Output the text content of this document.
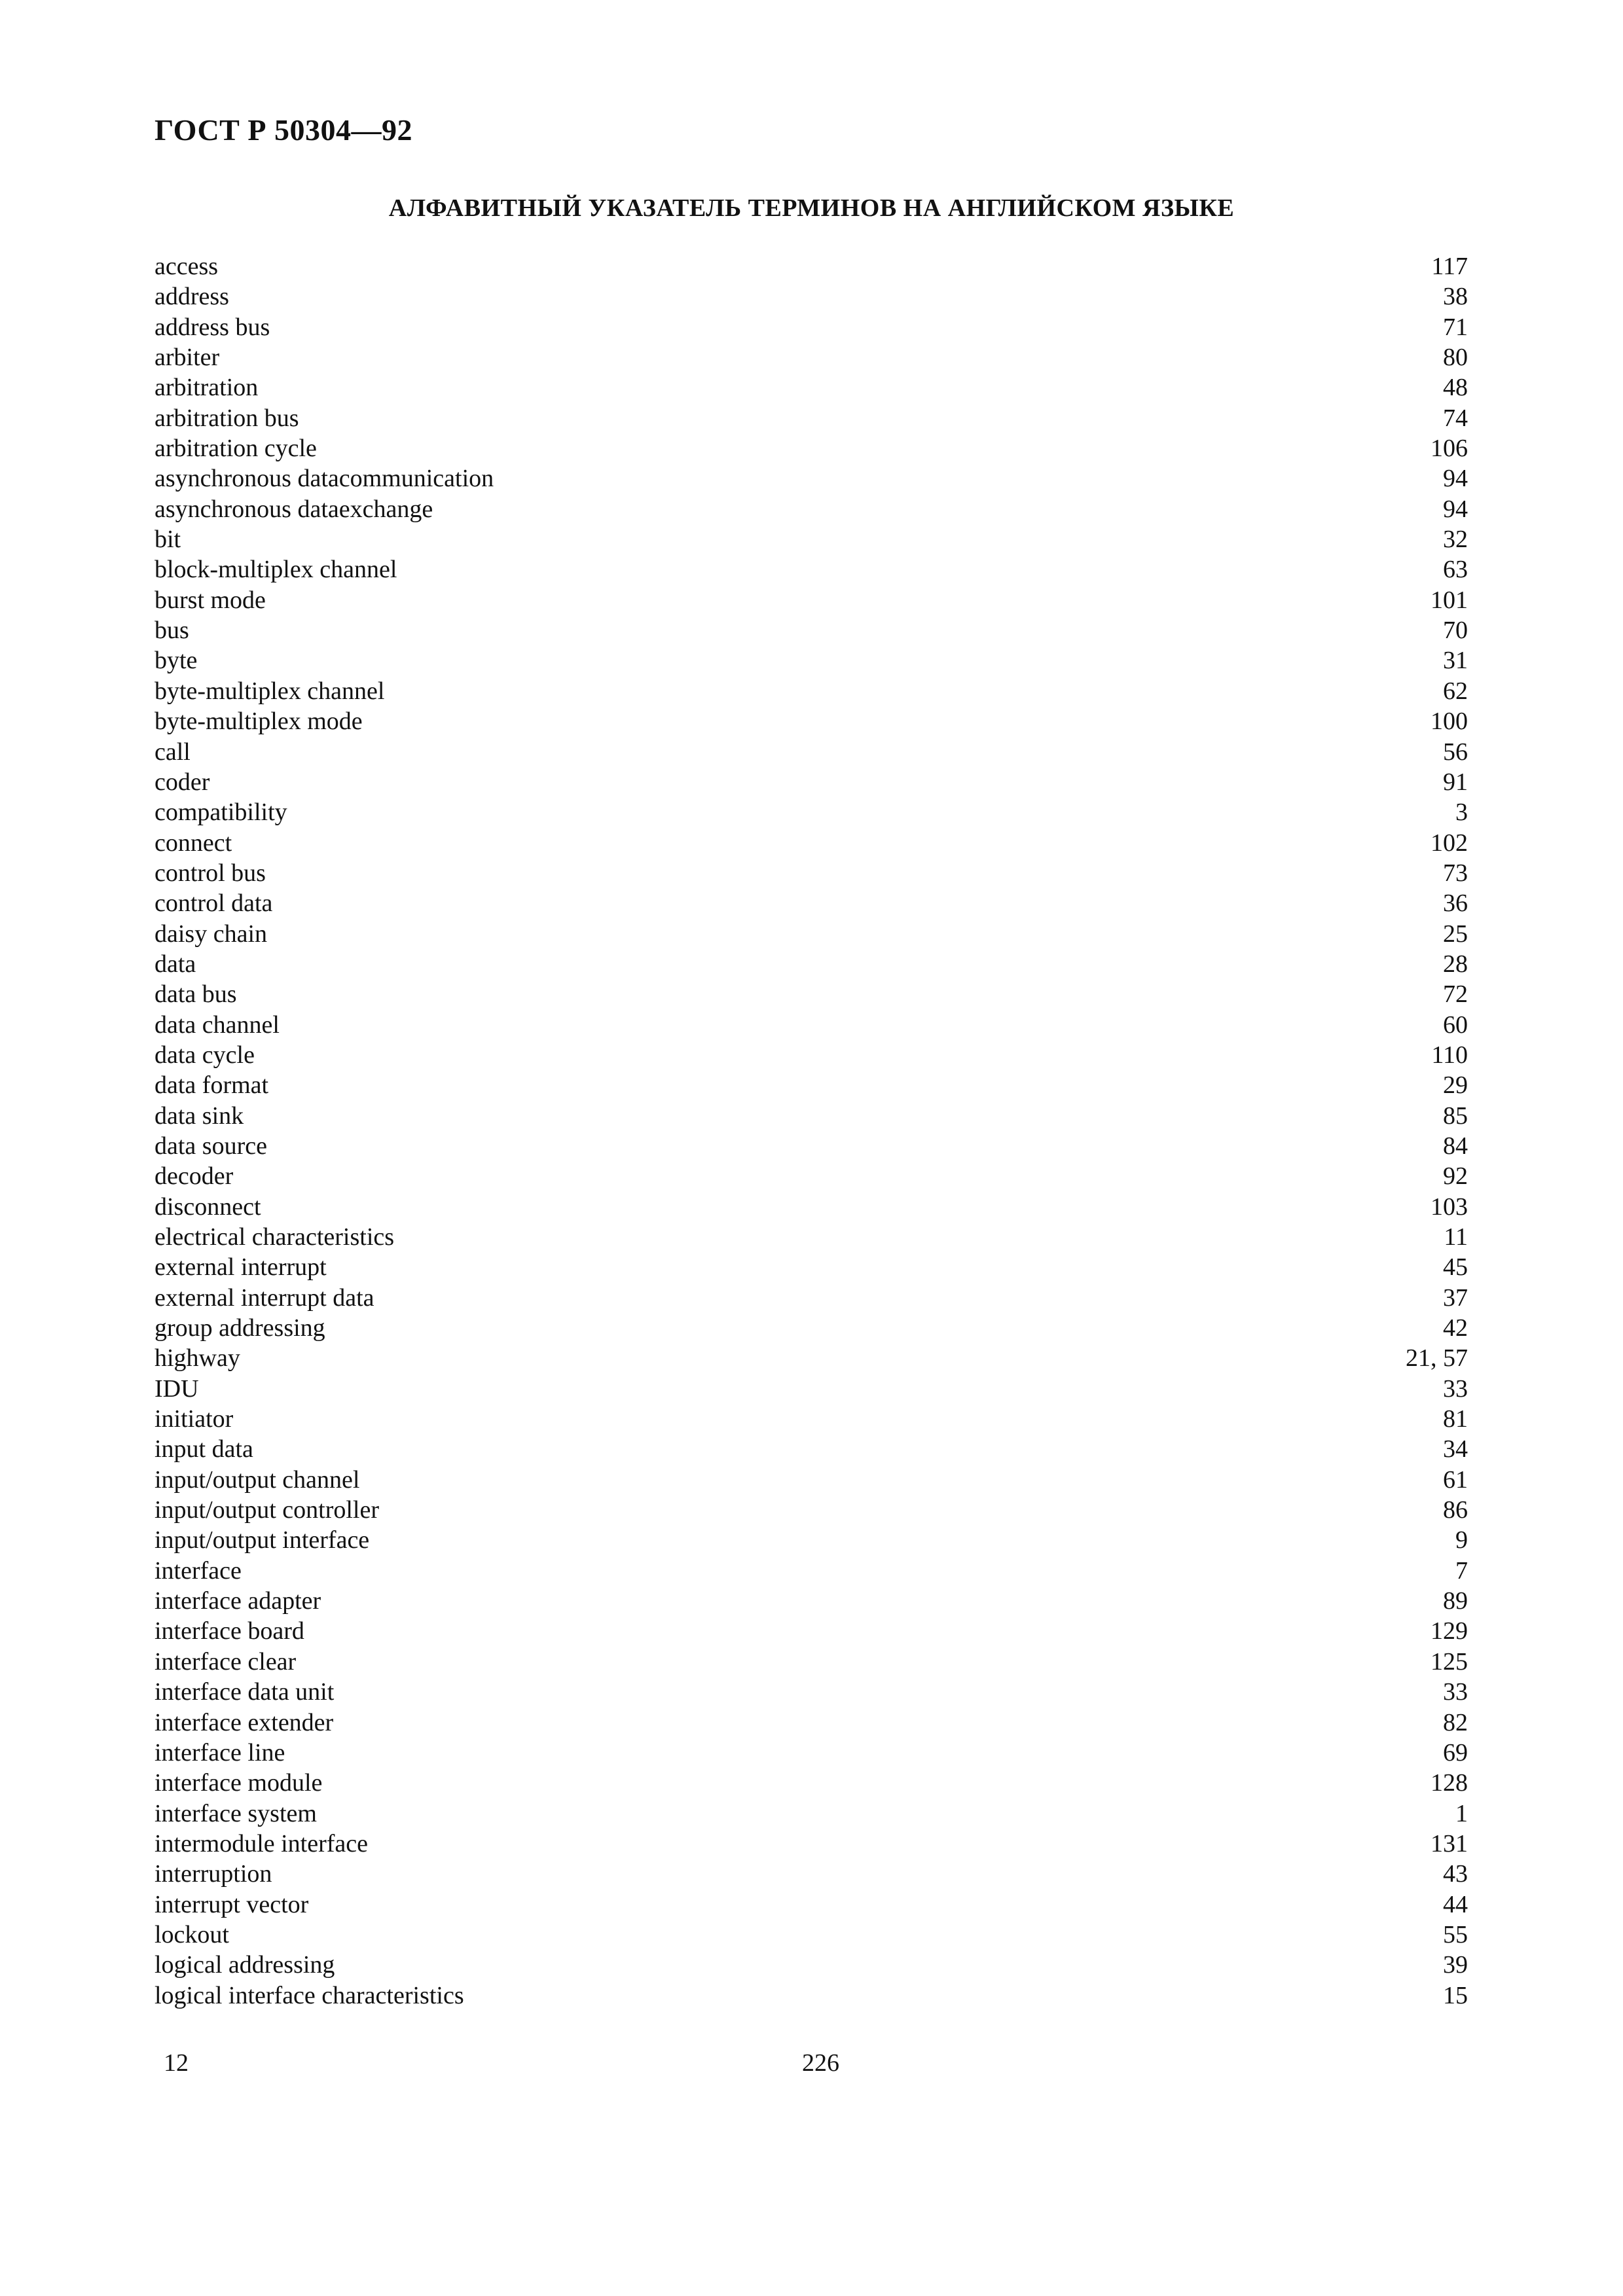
ГОСТ Р 50304—92
АЛФАВИТНЫЙ УКАЗАТЕЛЬ ТЕРМИНОВ НА АНГЛИЙСКОМ ЯЗЫКЕ
access	117
address	38
address bus	71
arbiter	80
arbitration	48
arbitration bus	74
arbitration cycle	106
asynchronous datacommunication	94
asynchronous dataexchange	94
bit	32
block-multiplex channel	63
burst mode	101
bus	70
byte	31
byte-multiplex channel	62
byte-multiplex mode	100
call	56
coder	91
compatibility	3
connect	102
control bus	73
control data	36
daisy chain	25
data	28
data bus	72
data channel	60
data cycle	110
data format	29
data sink	85
data source	84
decoder	92
disconnect	103
electrical characteristics	11
external interrupt	45
external interrupt data	37
group addressing	42
highway	21, 57
IDU	33
initiator	81
input data	34
input/output channel	61
input/output controller	86
input/output interface	9
interface	7
interface adapter	89
interface board	129
interface clear	125
interface data unit	33
interface extender	82
interface line	69
interface module	128
interface system	1
intermodule interface	131
interruption	43
interrupt vector	44
lockout	55
logical addressing	39
logical interface characteristics	15
12	226
